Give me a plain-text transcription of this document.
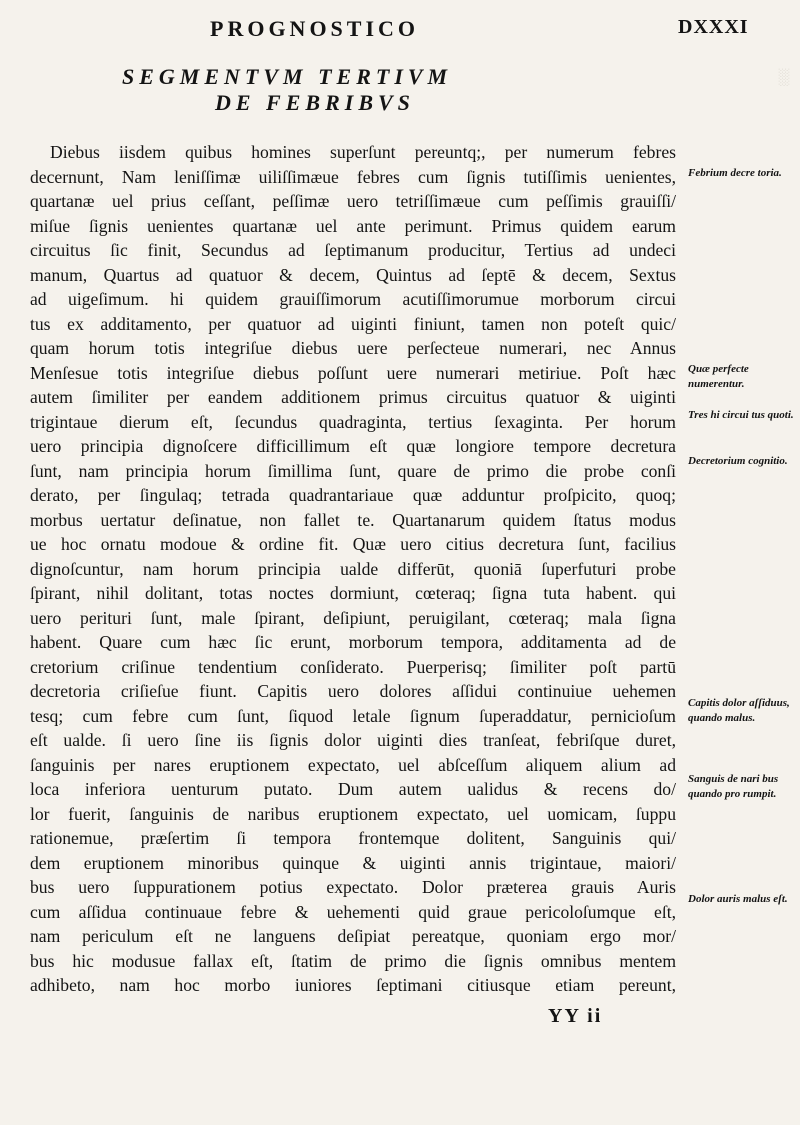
░
PROGNOSTICO	DXXXI
SEGMENTVM TERTIVM
DE FEBRIBVS
Diebus iisdem quibus homines superſunt pereuntq;, per numerum febres
decernunt, Nam leniſſimæ uiliſſimæue febres cum ſignis tutiſſimis uenientes,
quartanæ uel prius ceſſant, peſſimæ uero tetriſſimæue cum peſſimis grauiſſi/
miſue ſignis uenientes quartanæ uel ante perimunt. Primus quidem earum
circuitus ſic finit, Secundus ad ſeptimanum producitur, Tertius ad undeci
manum, Quartus ad quatuor & decem, Quintus ad ſeptē & decem, Sextus
ad uigeſimum. hi quidem grauiſſimorum acutiſſimorumue morborum circui
tus ex additamento, per quatuor ad uiginti finiunt, tamen non poteſt quic/
quam horum totis integriſue diebus uere perſecteue numerari, nec Annus
Menſesue totis integriſue diebus poſſunt uere numerari metiriue. Poſt hæc
autem ſimiliter per eandem additionem primus circuitus quatuor & uiginti
trigintaue dierum eſt, ſecundus quadraginta, tertius ſexaginta. Per horum
uero principia dignoſcere difficillimum eſt quæ longiore tempore decretura
ſunt, nam principia horum ſimillima ſunt, quare de primo die probe conſi
derato, per ſingulaq; tetrada quadrantariaue quæ adduntur proſpicito, quoq;
morbus uertatur deſinatue, non fallet te. Quartanarum quidem ſtatus modus
ue hoc ornatu modoue & ordine fit. Quæ uero citius decretura ſunt, facilius
dignoſcuntur, nam horum principia ualde differūt, quoniā ſuperfuturi probe
ſpirant, nihil dolitant, totas noctes dormiunt, cœteraq; ſigna tuta habent. qui
uero perituri ſunt, male ſpirant, deſipiunt, peruigilant, cœteraq; mala ſigna
habent. Quare cum hæc ſic erunt, morborum tempora, additamenta ad de
cretorium criſinue tendentium conſiderato. Puerperisq; ſimiliter poſt partū
decretoria criſieſue fiunt. Capitis uero dolores aſſidui continuiue uehemen
tesq; cum febre cum ſunt, ſiquod letale ſignum ſuperaddatur, pernicioſum
eſt ualde. ſi uero ſine iis ſignis dolor uiginti dies tranſeat, febriſque duret,
ſanguinis per nares eruptionem expectato, uel abſceſſum aliquem alium ad
loca inferiora uenturum putato. Dum autem ualidus & recens do/
lor fuerit, ſanguinis de naribus eruptionem expectato, uel uomicam, ſuppu
rationemue, præſertim ſi tempora frontemque dolitent, Sanguinis qui/
dem eruptionem minoribus quinque & uiginti annis trigintaue, maiori/
bus uero ſuppurationem potius expectato. Dolor præterea grauis Auris
cum aſſidua continuaue febre & uehementi quid graue pericoloſumque eſt,
nam periculum eſt ne languens deſipiat pereatque, quoniam ergo mor/
bus hic modusue fallax eſt, ſtatim de primo die ſignis omnibus mentem
adhibeto, nam hoc morbo iuniores ſeptimani citiusque etiam pereunt,
Febrium decre toria.
Quæ perfecte numerentur.
Tres hi circui tus quoti.
Decretorium cognitio.
Capitis dolor aſſiduus, quando malus.
Sanguis de nari bus quando pro rumpit.
Dolor auris malus eſt.
YY ii
